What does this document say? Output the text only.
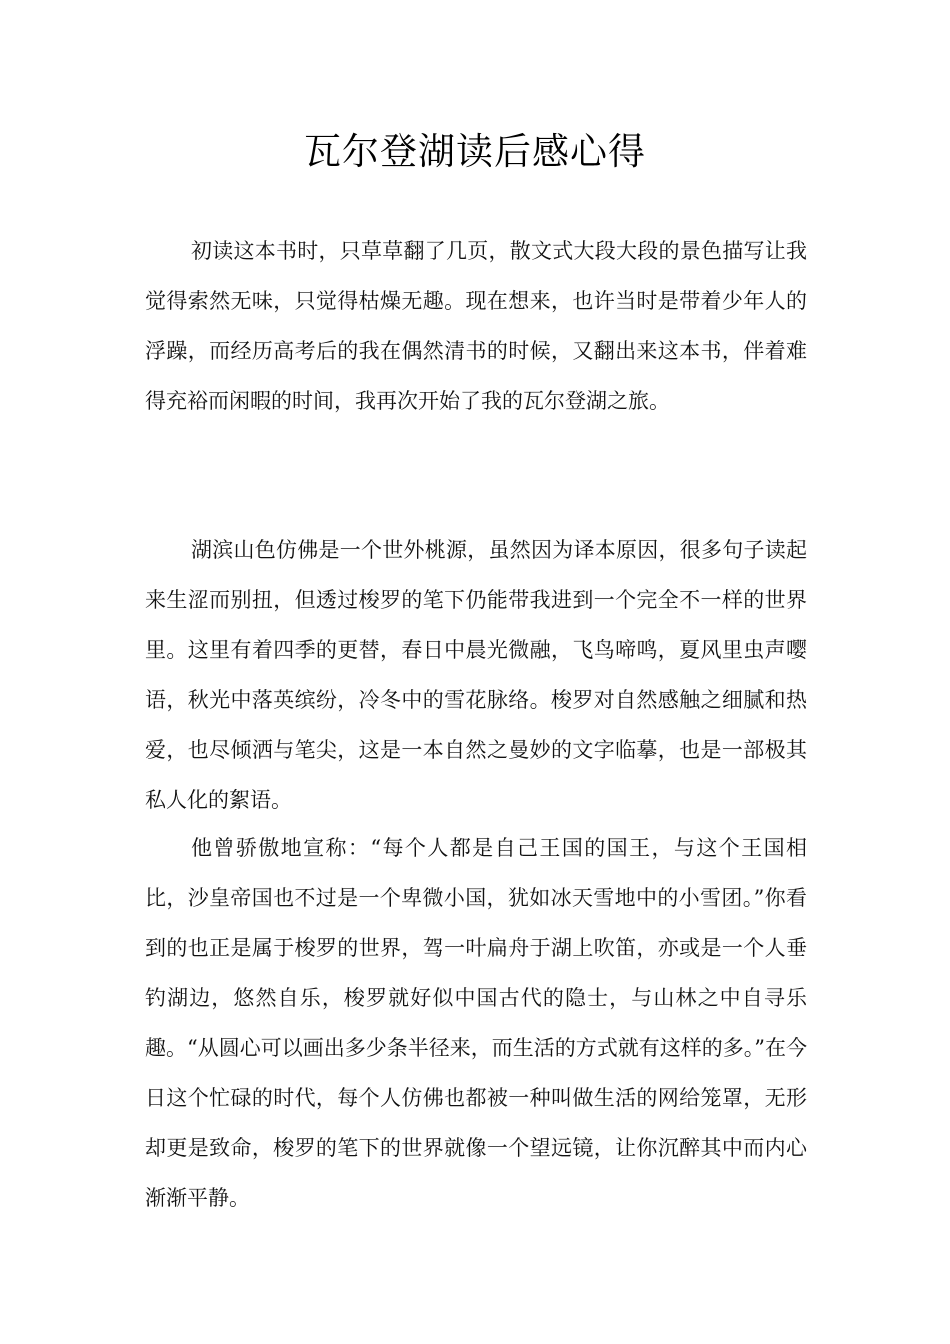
瓦尔登湖读后感心得

初读这本书时，只草草翻了几页，散文式大段大段的景色描写让我觉得索然无味，只觉得枯燥无趣。现在想来，也许当时是带着少年人的浮躁，而经历高考后的我在偶然清书的时候，又翻出来这本书，伴着难得充裕而闲暇的时间，我再次开始了我的瓦尔登湖之旅。

湖滨山色仿佛是一个世外桃源，虽然因为译本原因，很多句子读起来生涩而别扭，但透过梭罗的笔下仍能带我进到一个完全不一样的世界里。这里有着四季的更替，春日中晨光微融，飞鸟啼鸣，夏风里虫声嘤语，秋光中落英缤纷，冷冬中的雪花脉络。梭罗对自然感触之细腻和热爱，也尽倾洒与笔尖，这是一本自然之曼妙的文字临摹，也是一部极其私人化的絮语。

他曾骄傲地宣称：“每个人都是自己王国的国王，与这个王国相比，沙皇帝国也不过是一个卑微小国，犹如冰天雪地中的小雪团。”你看到的也正是属于梭罗的世界，驾一叶扁舟于湖上吹笛，亦或是一个人垂钓湖边，悠然自乐，梭罗就好似中国古代的隐士，与山林之中自寻乐趣。“从圆心可以画出多少条半径来，而生活的方式就有这样的多。”在今日这个忙碌的时代，每个人仿佛也都被一种叫做生活的网给笼罩，无形却更是致命，梭罗的笔下的世界就像一个望远镜，让你沉醉其中而内心渐渐平静。
